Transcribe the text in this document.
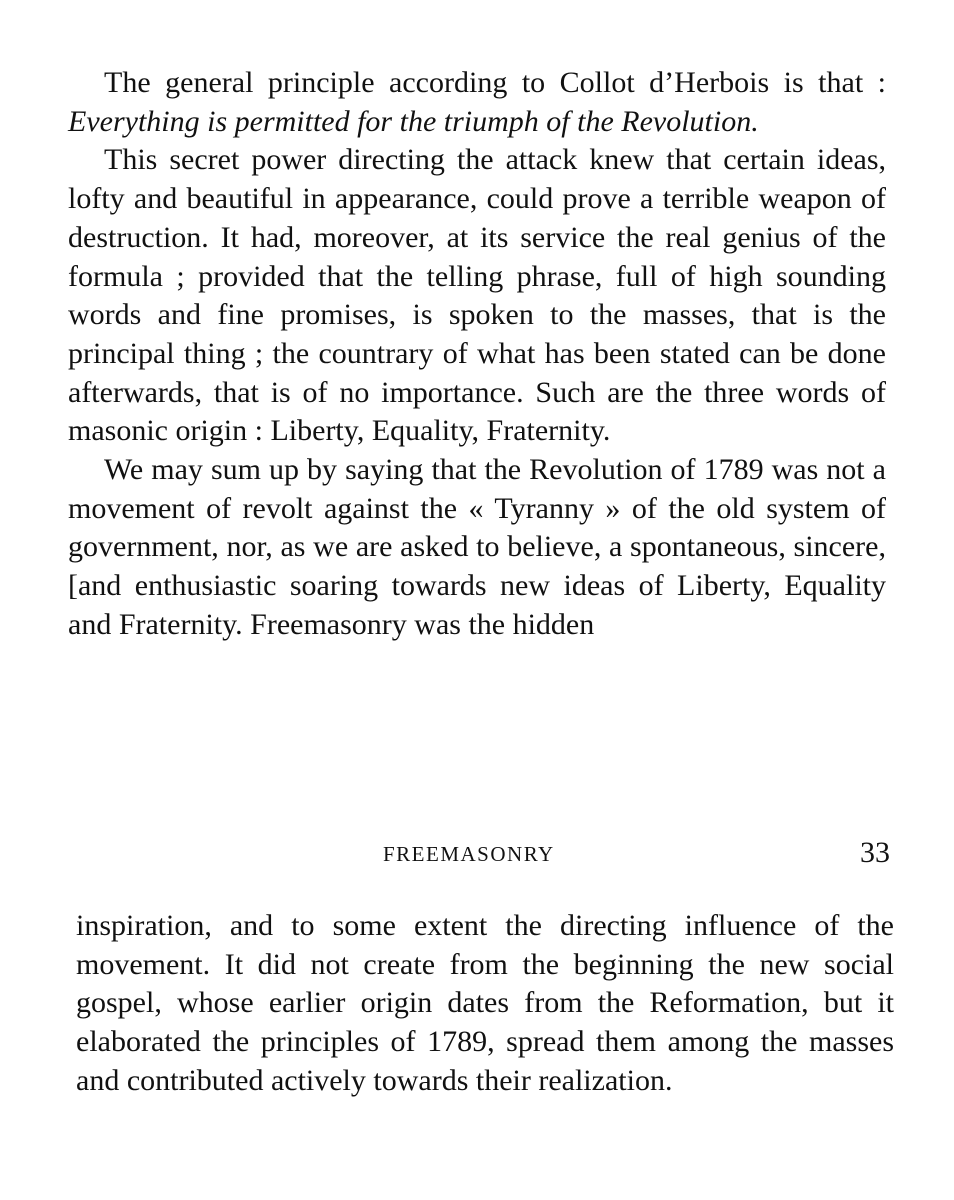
The general principle according to Collot d’Herbois is that : Everything is permitted for the triumph of the Revolution.

This secret power directing the attack knew that certain ideas, lofty and beautiful in appearance, could prove a terrible weapon of destruction. It had, moreover, at its service the real genius of the formula ; provided that the telling phrase, full of high sounding words and fine promises, is spoken to the masses, that is the principal thing ; the countrary of what has been stated can be done afterwards, that is of no importance. Such are the three words of masonic origin : Liberty, Equality, Fraternity.

We may sum up by saying that the Revolution of 1789 was not a movement of revolt against the « Tyranny » of the old system of government, nor, as we are asked to believe, a spontaneous, sincere, [and enthusiastic soaring towards new ideas of Liberty, Equality and Fraternity. Freemasonry was the hidden

FREEMASONRY	33

inspiration, and to some extent the directing influence of the movement. It did not create from the beginning the new social gospel, whose earlier origin dates from the Reformation, but it elaborated the principles of 1789, spread them among the masses and contributed actively towards their realization.
